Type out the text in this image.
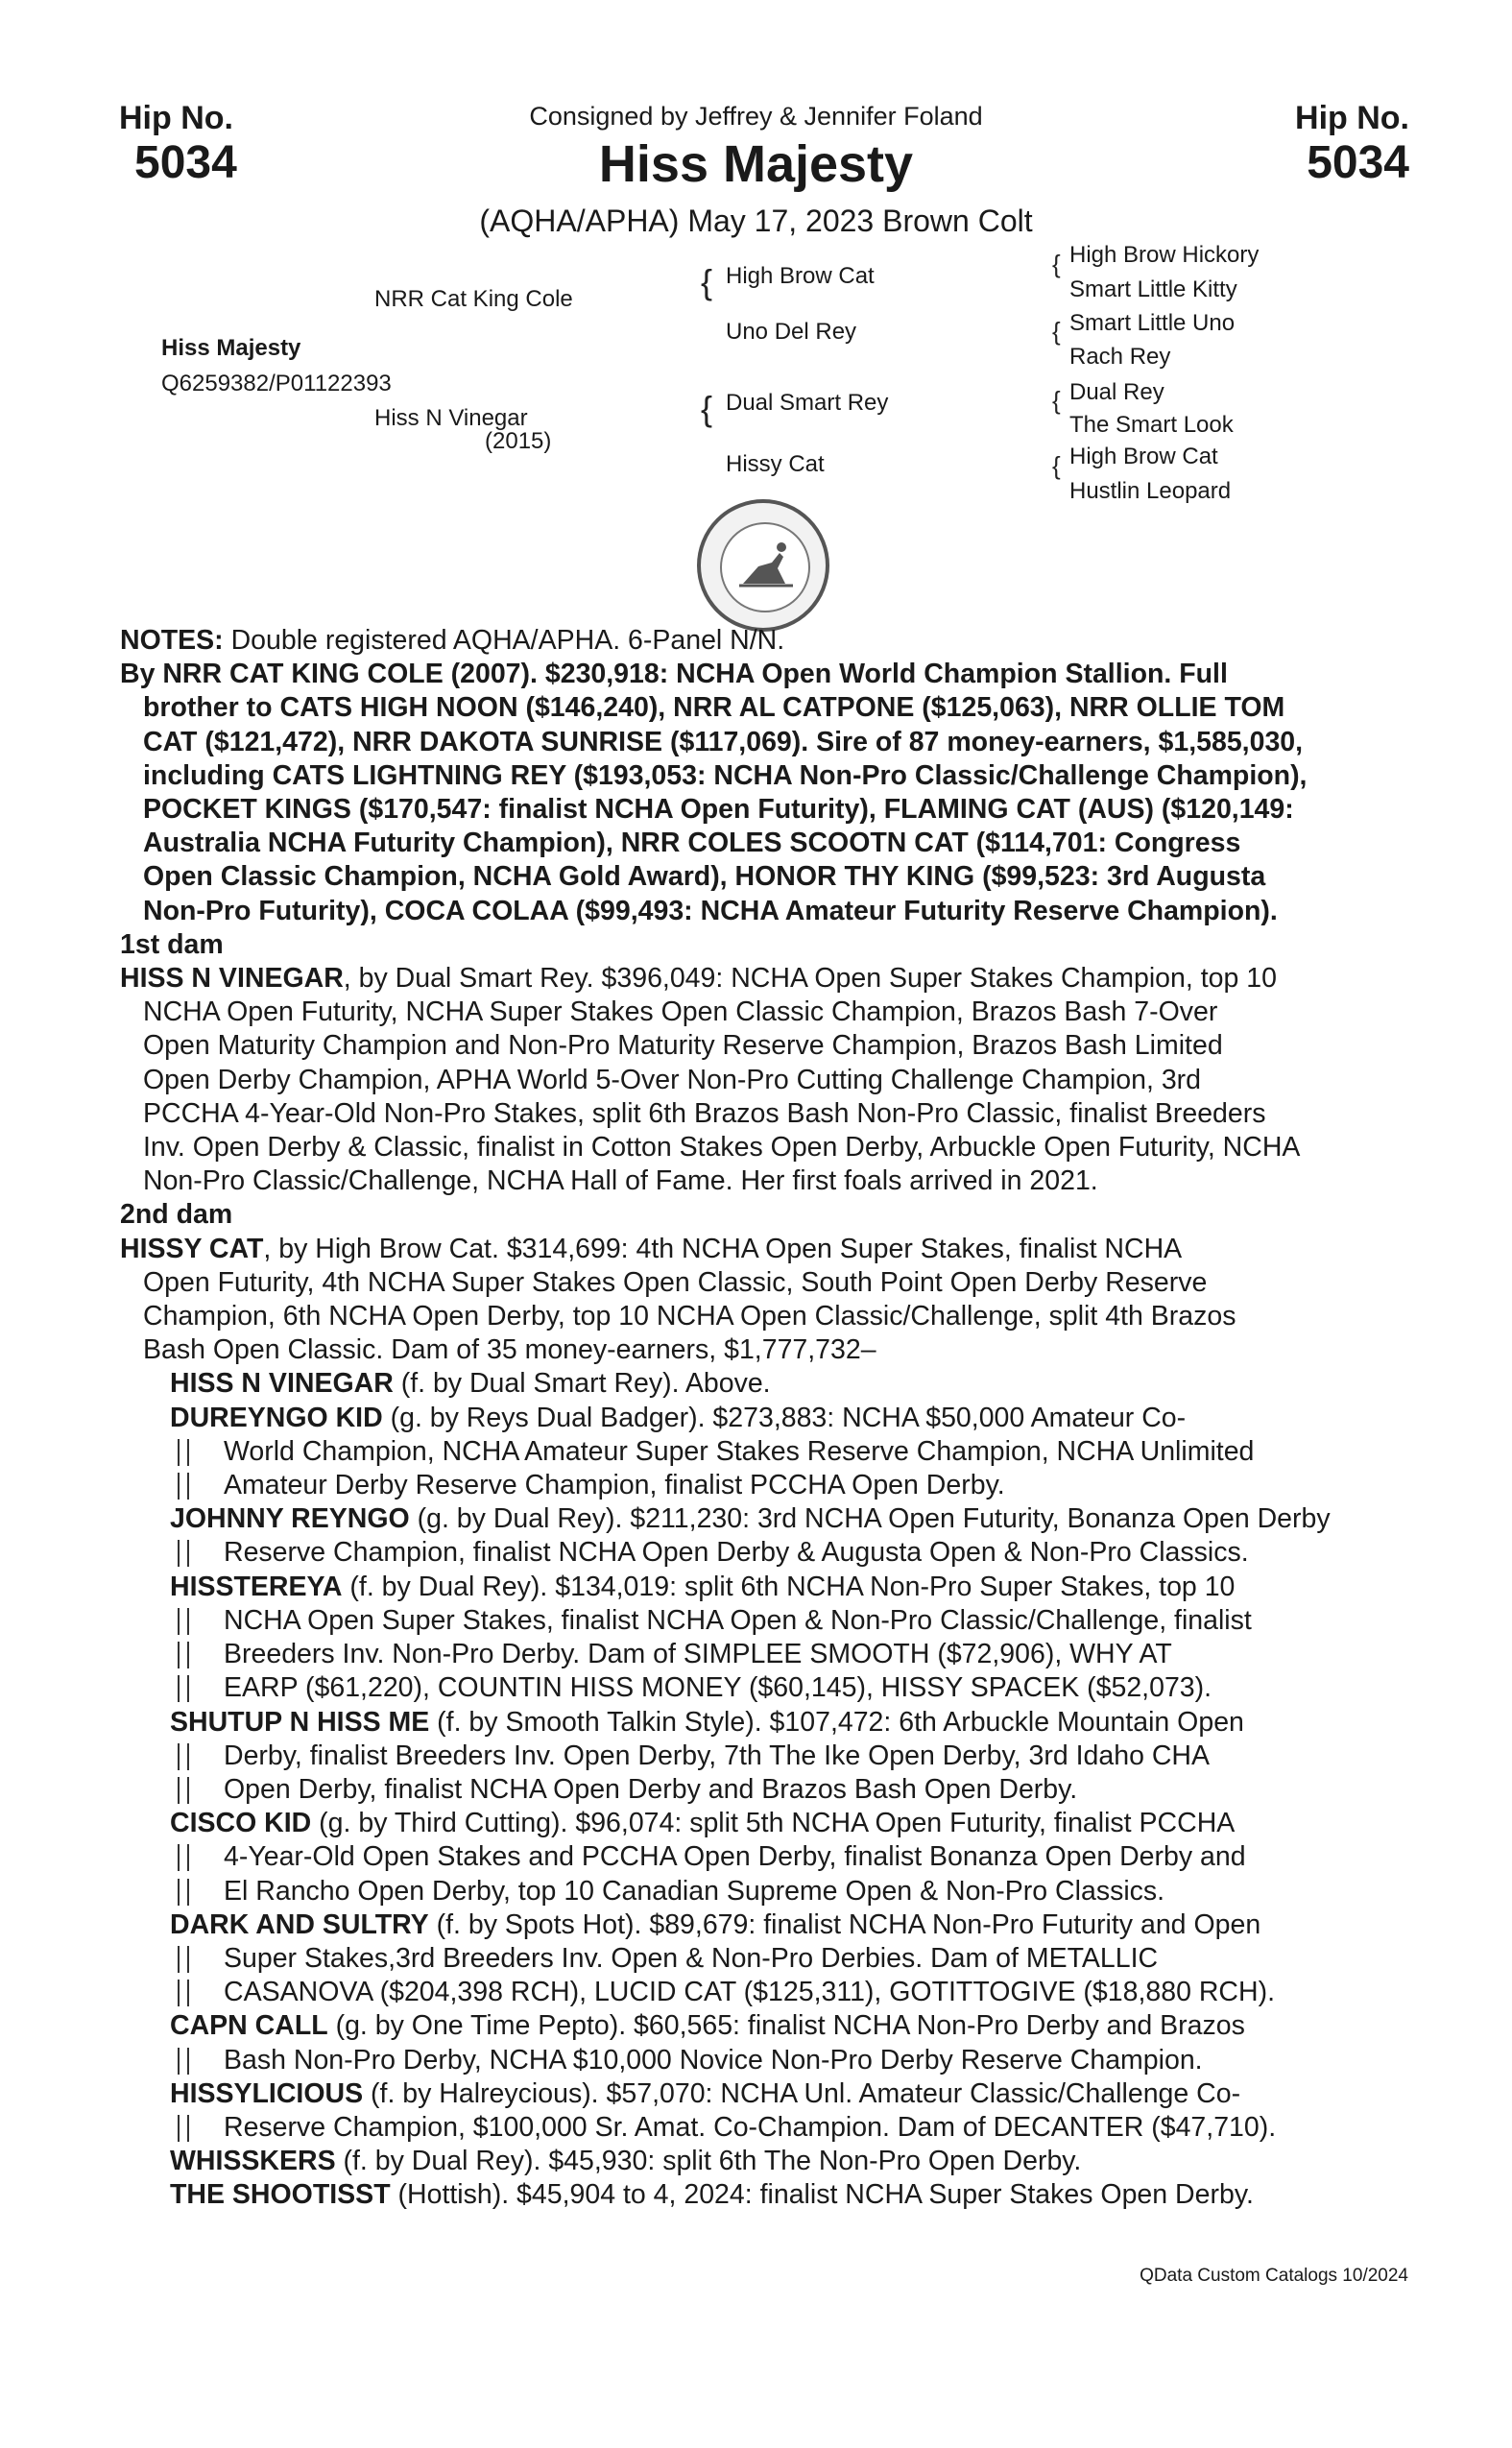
Hip No.
5034
Hip No.
5034
Consigned by Jeffrey & Jennifer Foland
Hiss Majesty
(AQHA/APHA) May 17, 2023 Brown Colt
Hiss Majesty
Q6259382/P01122393
NRR Cat King Cole
Hiss N Vinegar
(2015)
{ High Brow Cat
Uno Del Rey
{ Dual Smart Rey
Hissy Cat
{ High Brow Hickory
Smart Little Kitty
{ Smart Little Uno
Rach Rey
{ Dual Rey
The Smart Look
{ High Brow Cat
Hustlin Leopard
NOTES: Double registered AQHA/APHA. 6-Panel N/N.
By NRR CAT KING COLE (2007). $230,918: NCHA Open World Champion Stallion. Full
brother to CATS HIGH NOON ($146,240), NRR AL CATPONE ($125,063), NRR OLLIE TOM
CAT ($121,472), NRR DAKOTA SUNRISE ($117,069). Sire of 87 money-earners, $1,585,030,
including CATS LIGHTNING REY ($193,053: NCHA Non-Pro Classic/Challenge Champion),
POCKET KINGS ($170,547: finalist NCHA Open Futurity), FLAMING CAT (AUS) ($120,149:
Australia NCHA Futurity Champion), NRR COLES SCOOTN CAT ($114,701: Congress
Open Classic Champion, NCHA Gold Award), HONOR THY KING ($99,523: 3rd Augusta
Non-Pro Futurity), COCA COLAA ($99,493: NCHA Amateur Futurity Reserve Champion).
1st dam
HISS N VINEGAR, by Dual Smart Rey. $396,049: NCHA Open Super Stakes Champion, top 10
NCHA Open Futurity, NCHA Super Stakes Open Classic Champion, Brazos Bash 7-Over
Open Maturity Champion and Non-Pro Maturity Reserve Champion, Brazos Bash Limited
Open Derby Champion, APHA World 5-Over Non-Pro Cutting Challenge Champion, 3rd
PCCHA 4-Year-Old Non-Pro Stakes, split 6th Brazos Bash Non-Pro Classic, finalist Breeders
Inv. Open Derby & Classic, finalist in Cotton Stakes Open Derby, Arbuckle Open Futurity, NCHA
Non-Pro Classic/Challenge, NCHA Hall of Fame. Her first foals arrived in 2021.
2nd dam
HISSY CAT, by High Brow Cat. $314,699: 4th NCHA Open Super Stakes, finalist NCHA
Open Futurity, 4th NCHA Super Stakes Open Classic, South Point Open Derby Reserve
Champion, 6th NCHA Open Derby, top 10 NCHA Open Classic/Challenge, split 4th Brazos
Bash Open Classic. Dam of 35 money-earners, $1,777,732–
HISS N VINEGAR (f. by Dual Smart Rey). Above.
DUREYNGO KID (g. by Reys Dual Badger). $273,883: NCHA $50,000 Amateur Co-
World Champion, NCHA Amateur Super Stakes Reserve Champion, NCHA Unlimited
Amateur Derby Reserve Champion, finalist PCCHA Open Derby.
JOHNNY REYNGO (g. by Dual Rey). $211,230: 3rd NCHA Open Futurity, Bonanza Open Derby
Reserve Champion, finalist NCHA Open Derby & Augusta Open & Non-Pro Classics.
HISSTEREYA (f. by Dual Rey). $134,019: split 6th NCHA Non-Pro Super Stakes, top 10
NCHA Open Super Stakes, finalist NCHA Open & Non-Pro Classic/Challenge, finalist
Breeders Inv. Non-Pro Derby. Dam of SIMPLEE SMOOTH ($72,906), WHY AT
EARP ($61,220), COUNTIN HISS MONEY ($60,145), HISSY SPACEK ($52,073).
SHUTUP N HISS ME (f. by Smooth Talkin Style). $107,472: 6th Arbuckle Mountain Open
Derby, finalist Breeders Inv. Open Derby, 7th The Ike Open Derby, 3rd Idaho CHA
Open Derby, finalist NCHA Open Derby and Brazos Bash Open Derby.
CISCO KID (g. by Third Cutting). $96,074: split 5th NCHA Open Futurity, finalist PCCHA
4-Year-Old Open Stakes and PCCHA Open Derby, finalist Bonanza Open Derby and
El Rancho Open Derby, top 10 Canadian Supreme Open & Non-Pro Classics.
DARK AND SULTRY (f. by Spots Hot). $89,679: finalist NCHA Non-Pro Futurity and Open
Super Stakes,3rd Breeders Inv. Open & Non-Pro Derbies. Dam of METALLIC
CASANOVA ($204,398 RCH), LUCID CAT ($125,311), GOTITTOGIVE ($18,880 RCH).
CAPN CALL (g. by One Time Pepto). $60,565: finalist NCHA Non-Pro Derby and Brazos
Bash Non-Pro Derby, NCHA $10,000 Novice Non-Pro Derby Reserve Champion.
HISSYLICIOUS (f. by Halreycious). $57,070: NCHA Unl. Amateur Classic/Challenge Co-
Reserve Champion, $100,000 Sr. Amat. Co-Champion. Dam of DECANTER ($47,710).
WHISSKERS (f. by Dual Rey). $45,930: split 6th The Non-Pro Open Derby.
THE SHOOTISST (Hottish). $45,904 to 4, 2024: finalist NCHA Super Stakes Open Derby.
QData Custom Catalogs 10/2024
